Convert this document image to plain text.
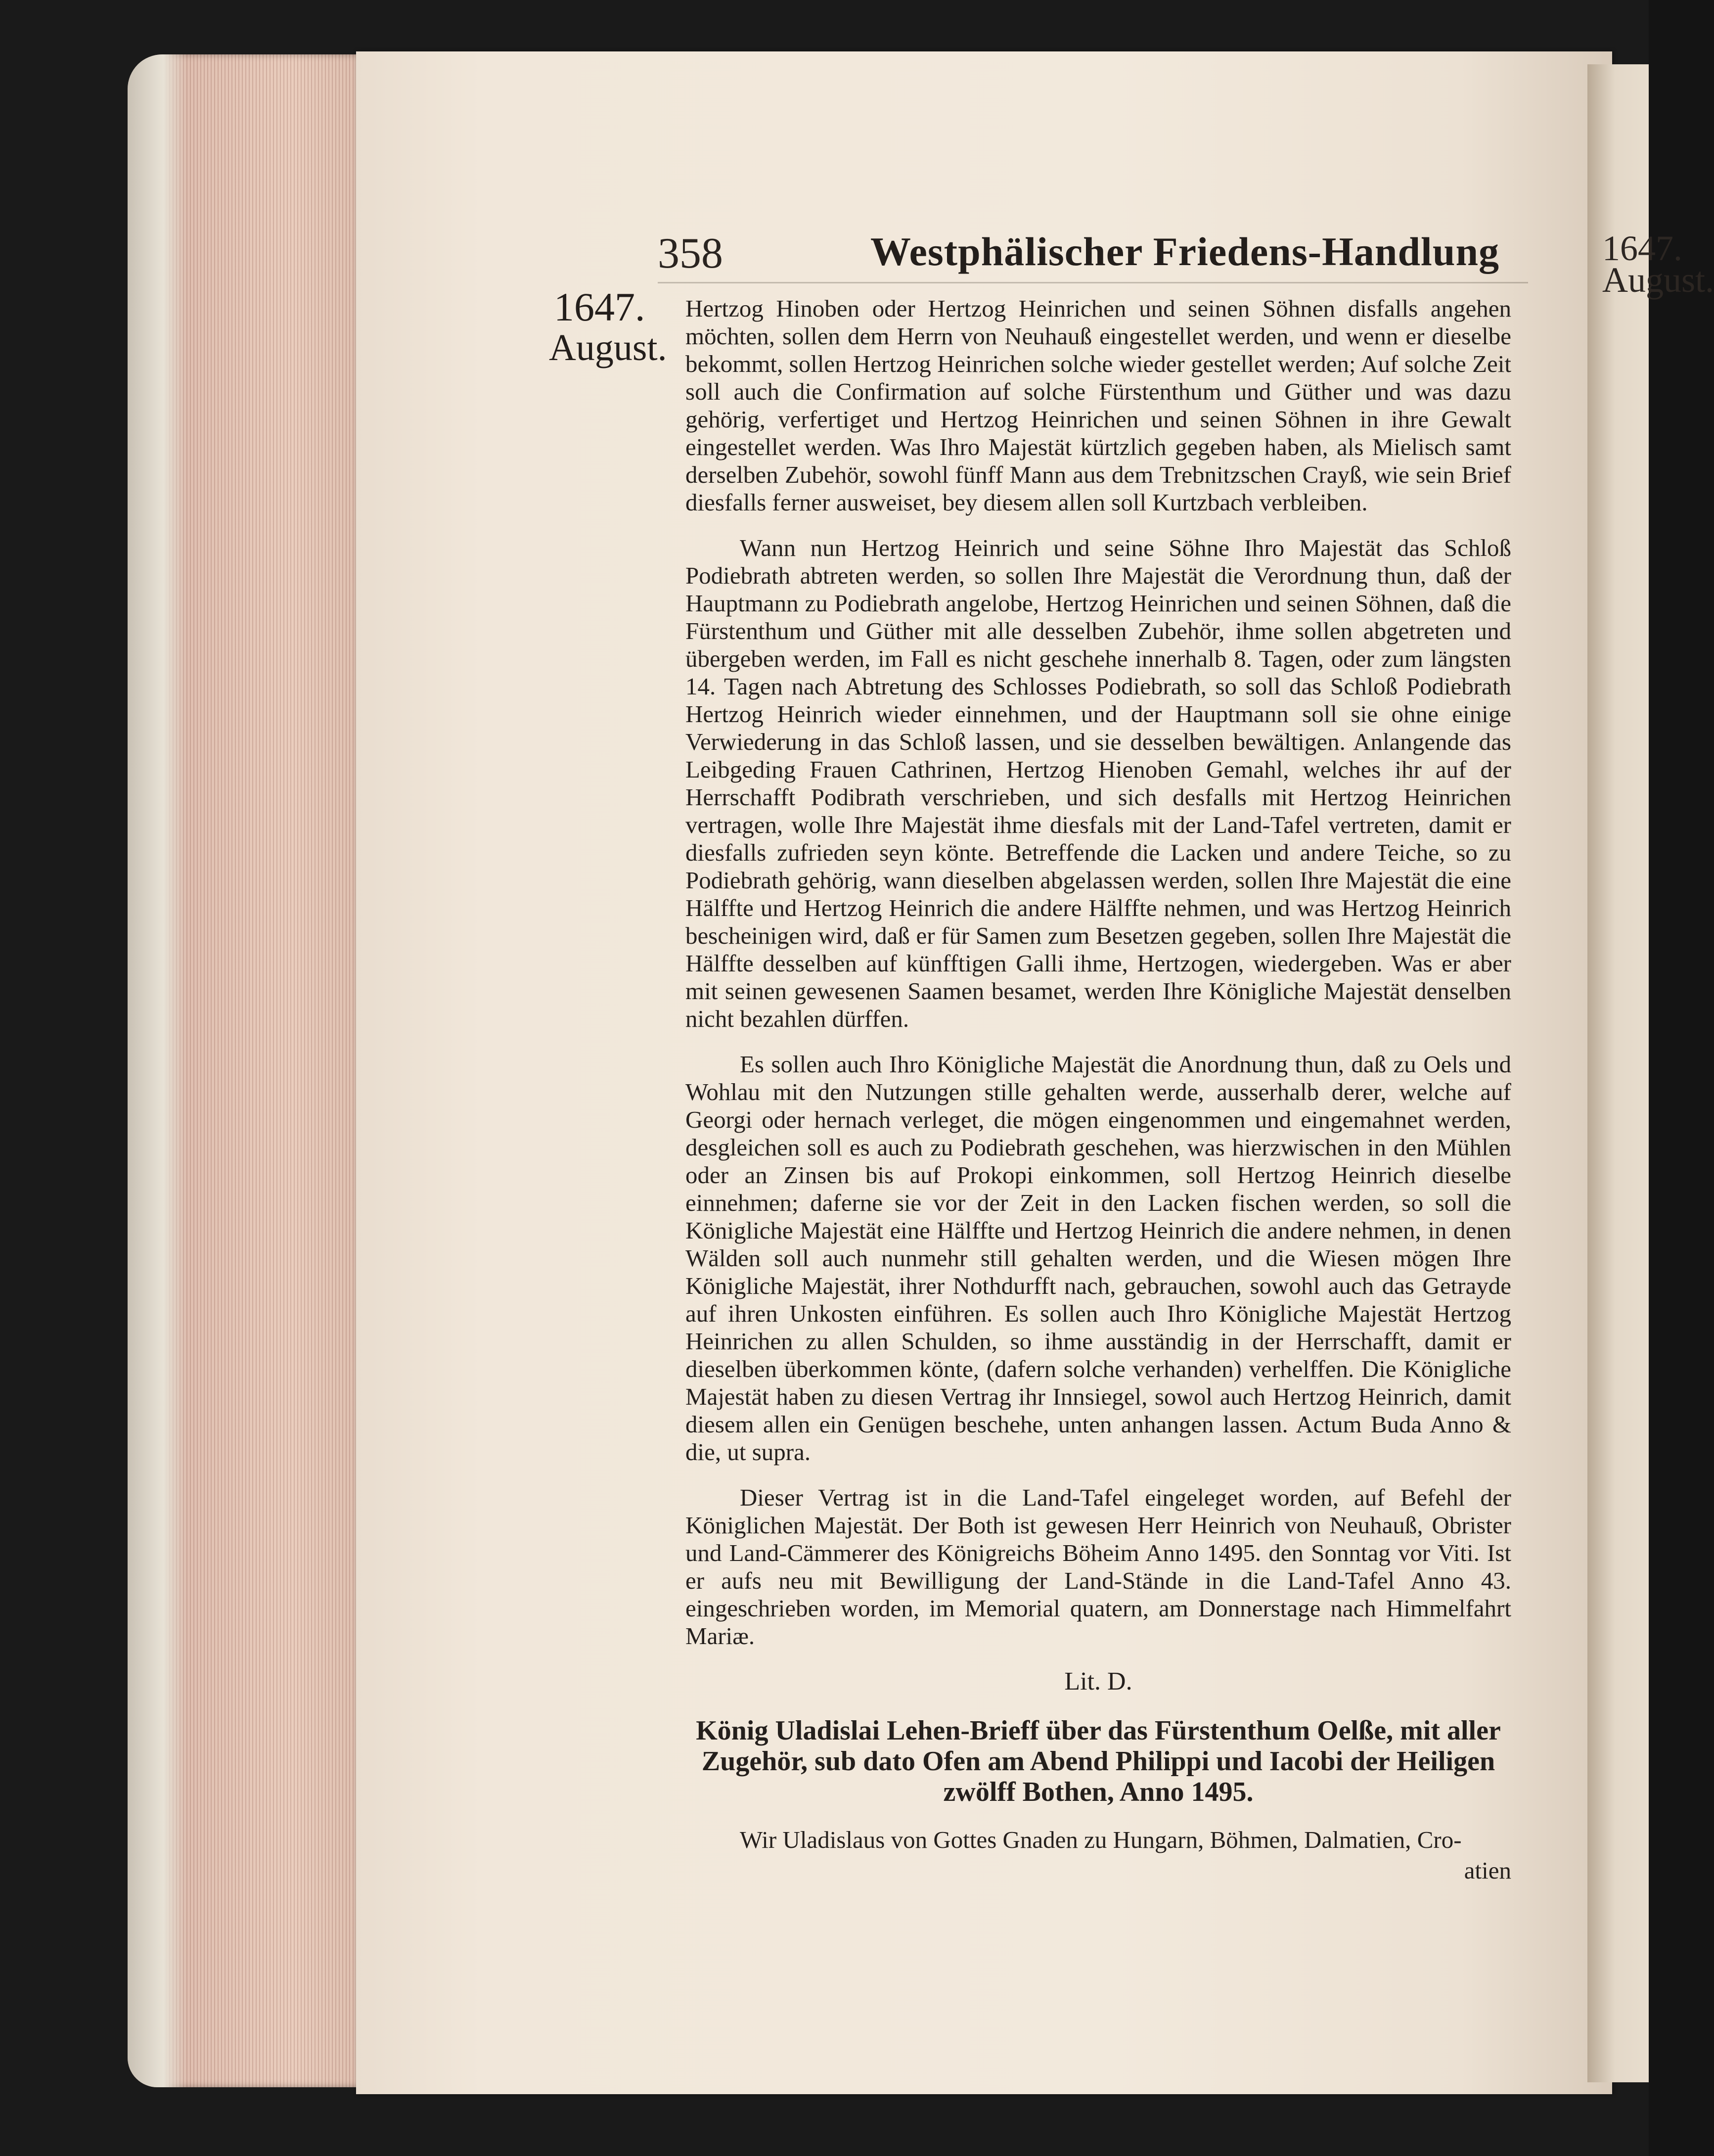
1647.
August.
358	Westphälischer Friedens-Handlung
1647.
August.

Hertzog Hinoben oder Hertzog Heinrichen und seinen Söhnen disfalls angehen möchten, sollen dem Herrn von Neuhauß eingestellet werden, und wenn er dieselbe bekommt, sollen Hertzog Heinrichen solche wieder gestellet werden; Auf solche Zeit soll auch die Confirmation auf solche Fürstenthum und Güther und was dazu gehörig, verfertiget und Hertzog Heinrichen und seinen Söhnen in ihre Gewalt eingestellet werden. Was Ihro Majestät kürtzlich gegeben haben, als Mielisch samt derselben Zubehör, sowohl fünff Mann aus dem Trebnitzschen Crayß, wie sein Brief diesfalls ferner ausweiset, bey diesem allen soll Kurtzbach verbleiben.

Wann nun Hertzog Heinrich und seine Söhne Ihro Majestät das Schloß Podiebrath abtreten werden, so sollen Ihre Majestät die Verordnung thun, daß der Hauptmann zu Podiebrath angelobe, Hertzog Heinrichen und seinen Söhnen, daß die Fürstenthum und Güther mit alle desselben Zubehör, ihme sollen abgetreten und übergeben werden, im Fall es nicht geschehe innerhalb 8. Tagen, oder zum längsten 14. Tagen nach Abtretung des Schlosses Podiebrath, so soll das Schloß Podiebrath Hertzog Heinrich wieder einnehmen, und der Hauptmann soll sie ohne einige Verwiederung in das Schloß lassen, und sie desselben bewältigen. Anlangende das Leibgeding Frauen Cathrinen, Hertzog Hienoben Gemahl, welches ihr auf der Herrschafft Podibrath verschrieben, und sich desfalls mit Hertzog Heinrichen vertragen, wolle Ihre Majestät ihme diesfals mit der Land-Tafel vertreten, damit er diesfalls zufrieden seyn könte. Betreffende die Lacken und andere Teiche, so zu Podiebrath gehörig, wann dieselben abgelassen werden, sollen Ihre Majestät die eine Hälffte und Hertzog Heinrich die andere Hälffte nehmen, und was Hertzog Heinrich bescheinigen wird, daß er für Samen zum Besetzen gegeben, sollen Ihre Majestät die Hälffte desselben auf künfftigen Galli ihme, Hertzogen, wiedergeben. Was er aber mit seinen gewesenen Saamen besamet, werden Ihre Königliche Majestät denselben nicht bezahlen dürffen.

Es sollen auch Ihro Königliche Majestät die Anordnung thun, daß zu Oels und Wohlau mit den Nutzungen stille gehalten werde, ausserhalb derer, welche auf Georgi oder hernach verleget, die mögen eingenommen und eingemahnet werden, desgleichen soll es auch zu Podiebrath geschehen, was hierzwischen in den Mühlen oder an Zinsen bis auf Prokopi einkommen, soll Hertzog Heinrich dieselbe einnehmen; daferne sie vor der Zeit in den Lacken fischen werden, so soll die Königliche Majestät eine Hälffte und Hertzog Heinrich die andere nehmen, in denen Wälden soll auch nunmehr still gehalten werden, und die Wiesen mögen Ihre Königliche Majestät, ihrer Nothdurfft nach, gebrauchen, sowohl auch das Getrayde auf ihren Unkosten einführen. Es sollen auch Ihro Königliche Majestät Hertzog Heinrichen zu allen Schulden, so ihme ausständig in der Herrschafft, damit er dieselben überkommen könte, (dafern solche verhanden) verhelffen. Die Königliche Majestät haben zu diesen Vertrag ihr Innsiegel, sowol auch Hertzog Heinrich, damit diesem allen ein Genügen beschehe, unten anhangen lassen. Actum Buda Anno & die, ut supra.

Dieser Vertrag ist in die Land-Tafel eingeleget worden, auf Befehl der Königlichen Majestät. Der Both ist gewesen Herr Heinrich von Neuhauß, Obrister und Land-Cämmerer des Königreichs Böheim Anno 1495. den Sonntag vor Viti. Ist er aufs neu mit Bewilligung der Land-Stände in die Land-Tafel Anno 43. eingeschrieben worden, im Memorial quatern, am Donnerstage nach Himmelfahrt Mariæ.

Lit. D.
König Uladislai Lehen-Brieff über das Fürstenthum Oelße, mit aller Zugehör, sub dato Ofen am Abend Philippi und Iacobi der Heiligen zwölff Bothen, Anno 1495.

Wir Uladislaus von Gottes Gnaden zu Hungarn, Böhmen, Dalmatien, Cro-

atien
